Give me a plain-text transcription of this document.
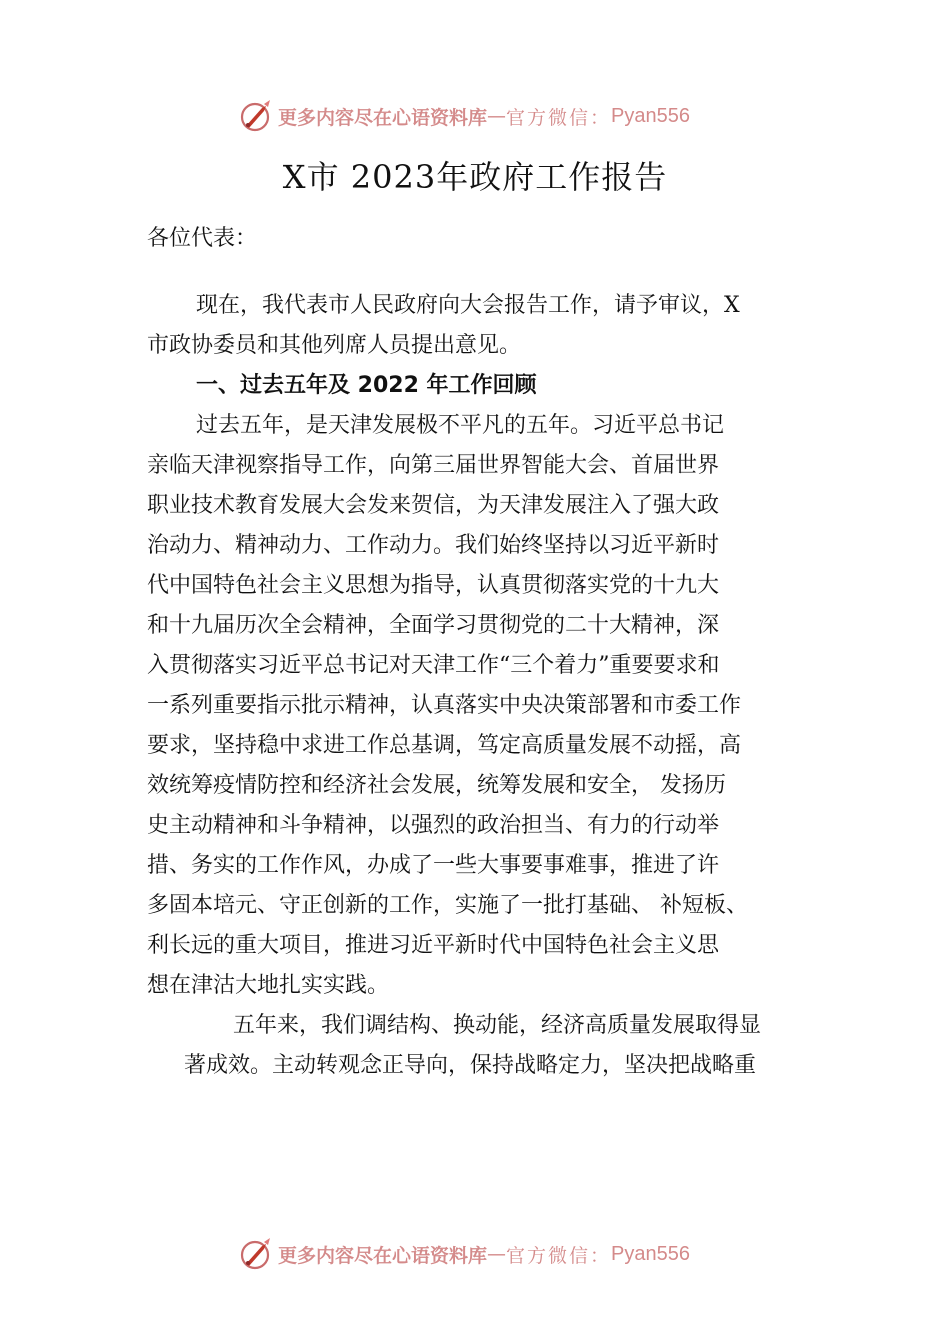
更多内容尽在心语资料库 — 官方微信： Pyan556
X市 2023年政府工作报告
各位代表：
现在，我代表市人民政府向大会报告工作，请予审议，X
市政协委员和其他列席人员提出意见。
一、过去五年及 2022 年工作回顾
过去五年，是天津发展极不平凡的五年。习近平总书记
亲临天津视察指导工作，向第三届世界智能大会、首届世界
职业技术教育发展大会发来贺信，为天津发展注入了强大政
治动力、精神动力、工作动力。我们始终坚持以习近平新时
代中国特色社会主义思想为指导，认真贯彻落实党的十九大
和十九届历次全会精神，全面学习贯彻党的二十大精神，深
入贯彻落实习近平总书记对天津工作“三个着力”重要要求和
一系列重要指示批示精神，认真落实中央决策部署和市委工作
要求，坚持稳中求进工作总基调，笃定高质量发展不动摇，高
效统筹疫情防控和经济社会发展，统筹发展和安全， 发扬历
史主动精神和斗争精神，以强烈的政治担当、有力的行动举
措、务实的工作作风，办成了一些大事要事难事，推进了许
多固本培元、守正创新的工作，实施了一批打基础、 补短板、
利长远的重大项目，推进习近平新时代中国特色社会主义思
想在津沽大地扎实实践。
五年来，我们调结构、换动能，经济高质量发展取得显
著成效。主动转观念正导向，保持战略定力，坚决把战略重
更多内容尽在心语资料库 — 官方微信： Pyan556
